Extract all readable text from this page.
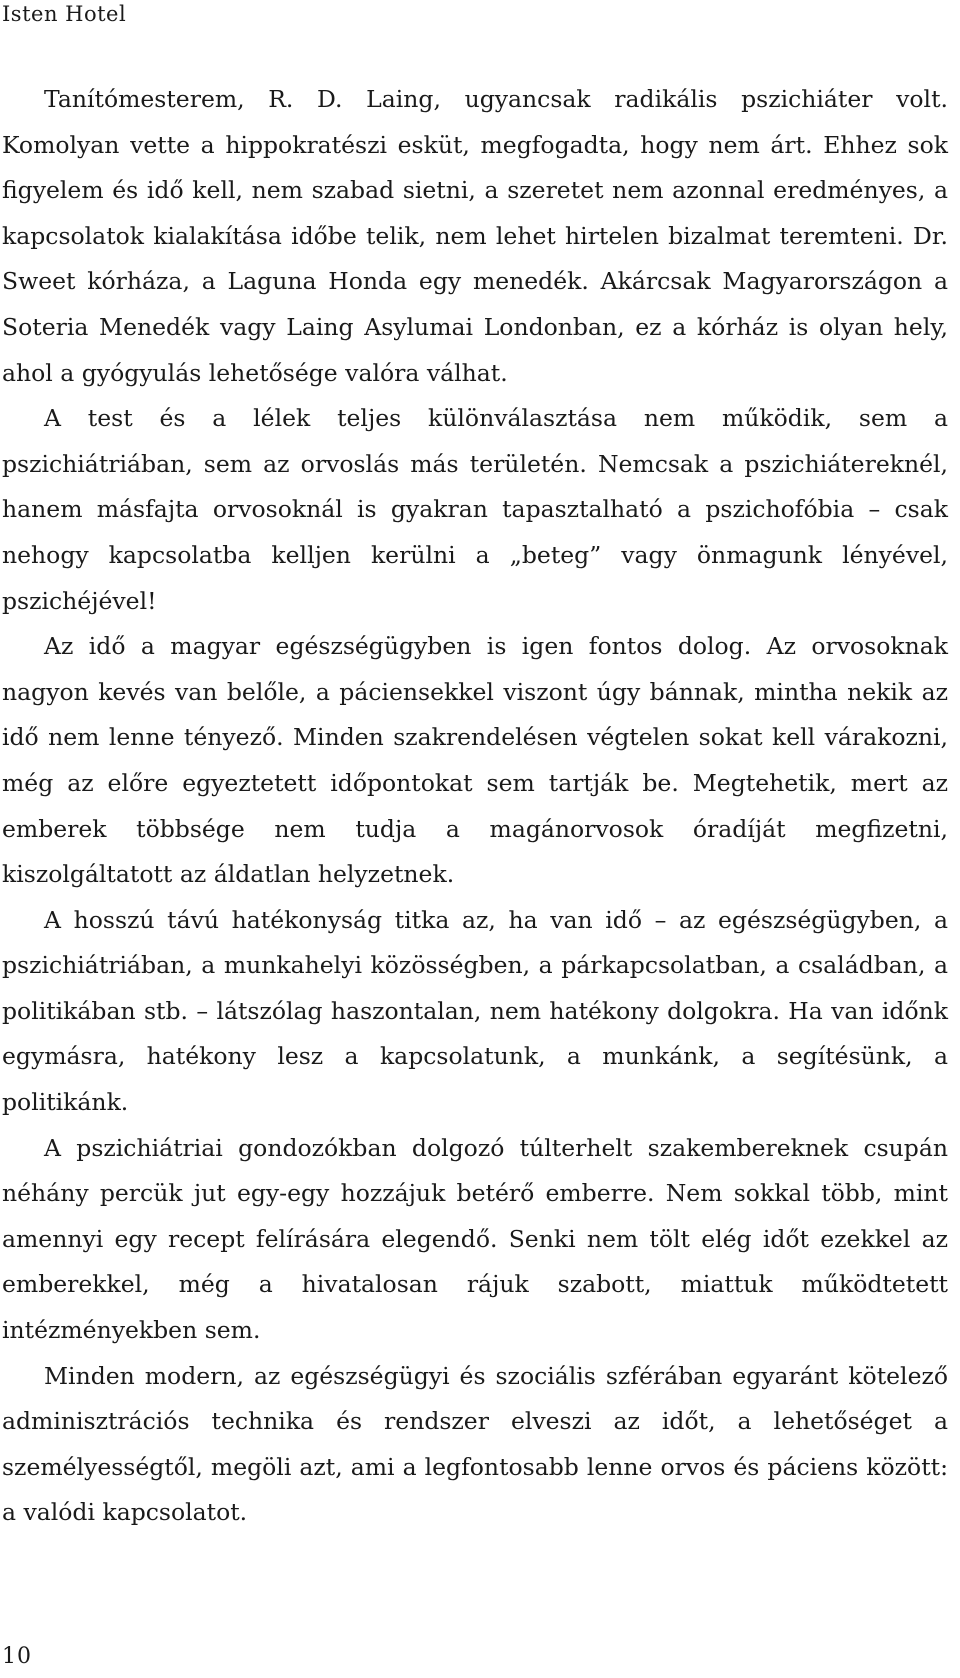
Isten Hotel

Tanítómesterem, R. D. Laing, ugyancsak radikális pszichiáter volt. Komolyan vette a hippokratészi esküt, megfogadta, hogy nem árt. Ehhez sok figyelem és idő kell, nem szabad sietni, a szeretet nem azonnal eredményes, a kapcsolatok kialakítása időbe telik, nem lehet hirtelen bizalmat teremteni. Dr. Sweet kórháza, a Laguna Honda egy menedék. Akárcsak Magyarországon a Soteria Menedék vagy Laing Asylumai Londonban, ez a kórház is olyan hely, ahol a gyógyulás lehetősége valóra válhat.

A test és a lélek teljes különválasztása nem működik, sem a pszichiátriában, sem az orvoslás más területén. Nemcsak a pszichiátereknél, hanem másfajta orvosoknál is gyakran tapasztalható a pszichofóbia – csak nehogy kapcsolatba kelljen kerülni a „beteg” vagy önmagunk lényével, pszichéjével!

Az idő a magyar egészségügyben is igen fontos dolog. Az orvosoknak nagyon kevés van belőle, a páciensekkel viszont úgy bánnak, mintha nekik az idő nem lenne tényező. Minden szakrendelésen végtelen sokat kell várakozni, még az előre egyeztetett időpontokat sem tartják be. Megtehetik, mert az emberek többsége nem tudja a magánorvosok óradíját megfizetni, kiszolgáltatott az áldatlan helyzetnek.

A hosszú távú hatékonyság titka az, ha van idő – az egészségügyben, a pszichiátriában, a munkahelyi közösségben, a párkapcsolatban, a családban, a politikában stb. – látszólag haszontalan, nem hatékony dolgokra. Ha van időnk egymásra, hatékony lesz a kapcsolatunk, a munkánk, a segítésünk, a politikánk.

A pszichiátriai gondozókban dolgozó túlterhelt szakembereknek csupán néhány percük jut egy-egy hozzájuk betérő emberre. Nem sokkal több, mint amennyi egy recept felírására elegendő. Senki nem tölt elég időt ezekkel az emberekkel, még a hivatalosan rájuk szabott, miattuk működtetett intézményekben sem.

Minden modern, az egészségügyi és szociális szférában egyaránt kötelező adminisztrációs technika és rendszer elveszi az időt, a lehetőséget a személyességtől, megöli azt, ami a legfontosabb lenne orvos és páciens között: a valódi kapcsolatot.

10
